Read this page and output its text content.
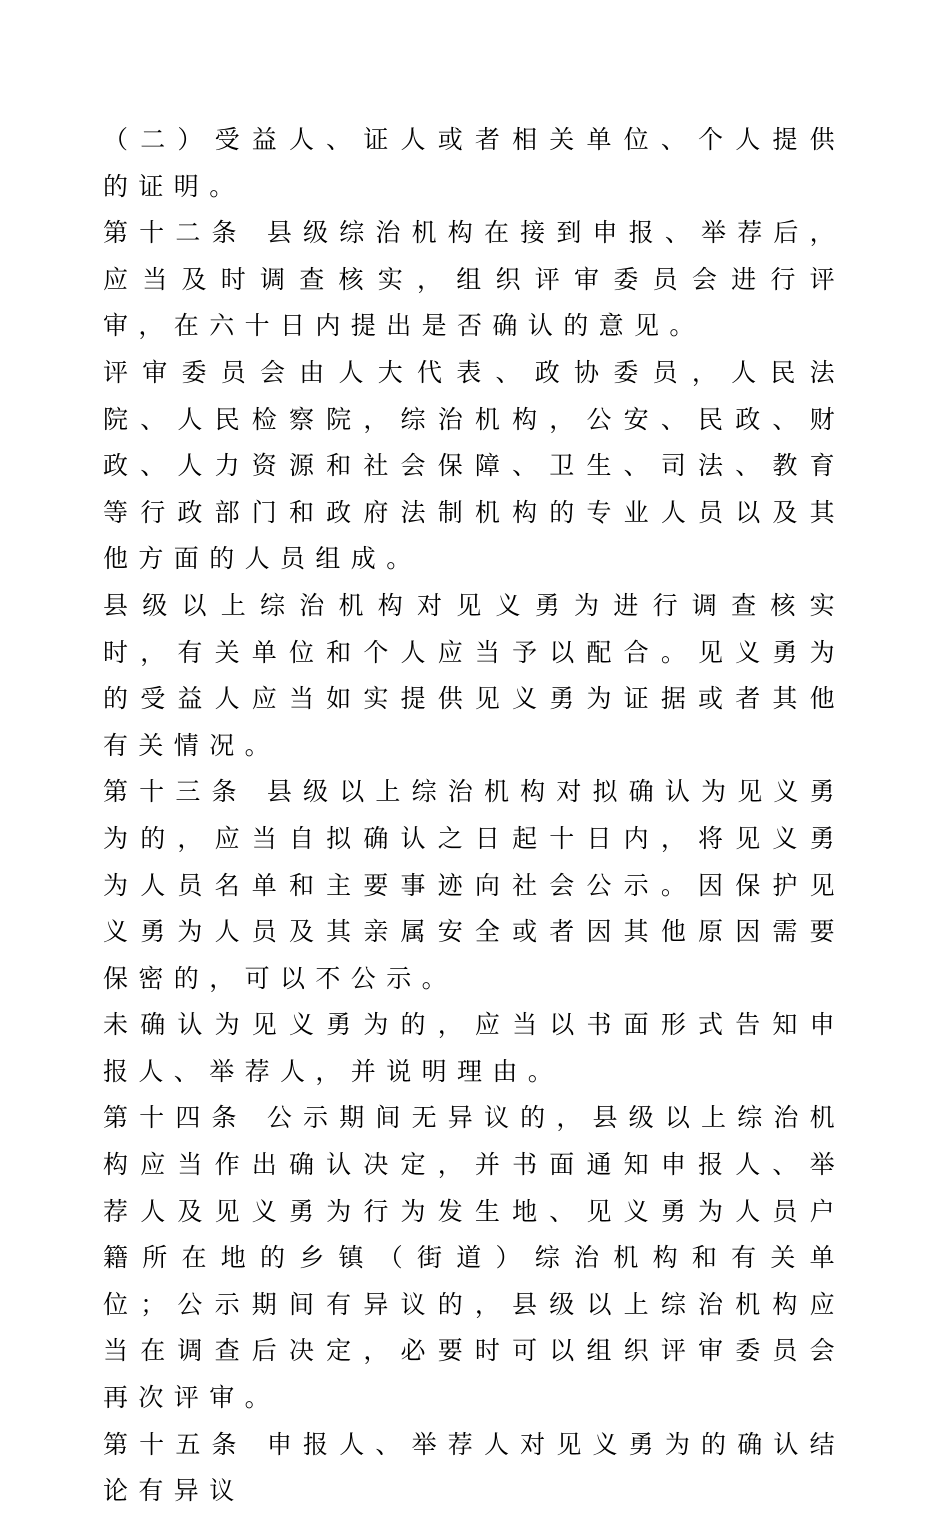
（二）受益人、证人或者相关单位、个人提供的证明。

第十二条 县级综治机构在接到申报、举荐后，应当及时调查核实，组织评审委员会进行评审，在六十日内提出是否确认的意见。

评审委员会由人大代表、政协委员，人民法院、人民检察院，综治机构，公安、民政、财政、人力资源和社会保障、卫生、司法、教育等行政部门和政府法制机构的专业人员以及其他方面的人员组成。

县级以上综治机构对见义勇为进行调查核实时，有关单位和个人应当予以配合。见义勇为的受益人应当如实提供见义勇为证据或者其他有关情况。

第十三条 县级以上综治机构对拟确认为见义勇为的，应当自拟确认之日起十日内，将见义勇为人员名单和主要事迹向社会公示。因保护见义勇为人员及其亲属安全或者因其他原因需要保密的，可以不公示。

未确认为见义勇为的，应当以书面形式告知申报人、举荐人，并说明理由。

第十四条 公示期间无异议的，县级以上综治机构应当作出确认决定，并书面通知申报人、举荐人及见义勇为行为发生地、见义勇为人员户籍所在地的乡镇（街道）综治机构和有关单位；公示期间有异议的，县级以上综治机构应当在调查后决定，必要时可以组织评审委员会再次评审。

第十五条 申报人、举荐人对见义勇为的确认结论有异议
